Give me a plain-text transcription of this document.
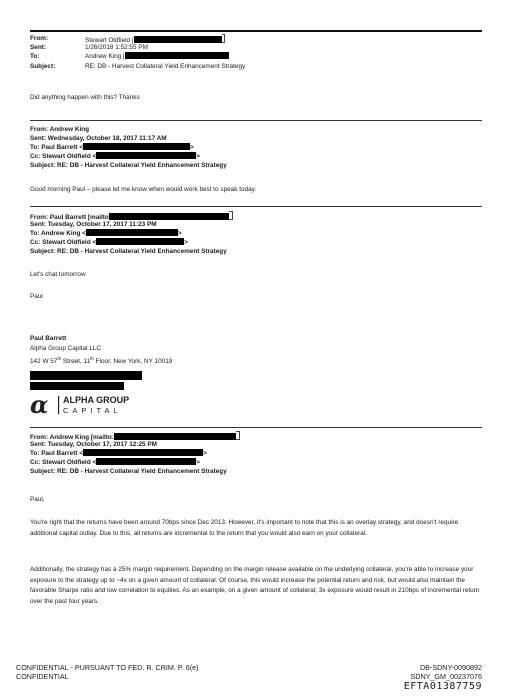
From:	Stewart Oldfield [
Sent:	1/26/2018 1:52:55 PM
To:	Andrew King [
Subject:	RE: DB - Harvest Collateral Yield Enhancement Strategy
Did anything happen with this? Thanks
From: Andrew King
Sent: Wednesday, October 18, 2017 11:17 AM
To: Paul Barrett <	>
Cc: Stewart Oldfield <	>
Subject: RE: DB - Harvest Collateral Yield Enhancement Strategy
Good morning Paul – please let me know when would work best to speak today.
From: Paul Barrett [mailto
Sent: Tuesday, October 17, 2017 11:23 PM
To: Andrew King <	>
Cc: Stewart Oldfield <	>
Subject: RE: DB - Harvest Collateral Yield Enhancement Strategy
Let's chat tomorrow
Paul
Paul Barrett
Alpha Group Capital LLC
142 W 57th Street, 11th Floor, New York, NY 10019
α ALPHA GROUP
CAPITAL
From: Andrew King [mailto:
Sent: Tuesday, October 17, 2017 12:25 PM
To: Paul Barrett <	>
Cc: Stewart Oldfield <	>
Subject: RE: DB - Harvest Collateral Yield Enhancement Strategy
Paul,
You're right that the returns have been around 70bps since Dec 2013. However, it's important to note that this is an overlay strategy, and doesn't require additional capital outlay. Due to this, all returns are incremental to the return that you would also earn on your collateral.
Additionally, the strategy has a 25% margin requirement. Depending on the margin release available on the underlying collateral, you're able to increase your exposure to the strategy up to ~4x on a given amount of collateral. Of course, this would increase the potential return and risk, but would also maintain the favorable Sharpe ratio and low correlation to equities. As an example, on a given amount of collateral, 3x exposure would result in 210bps of incremental return over the past four years.
CONFIDENTIAL - PURSUANT TO FED. R. CRIM. P. 6(e)
CONFIDENTIAL
DB-SDNY-0090892
SDNY_GM_00237076
EFTA01387759
